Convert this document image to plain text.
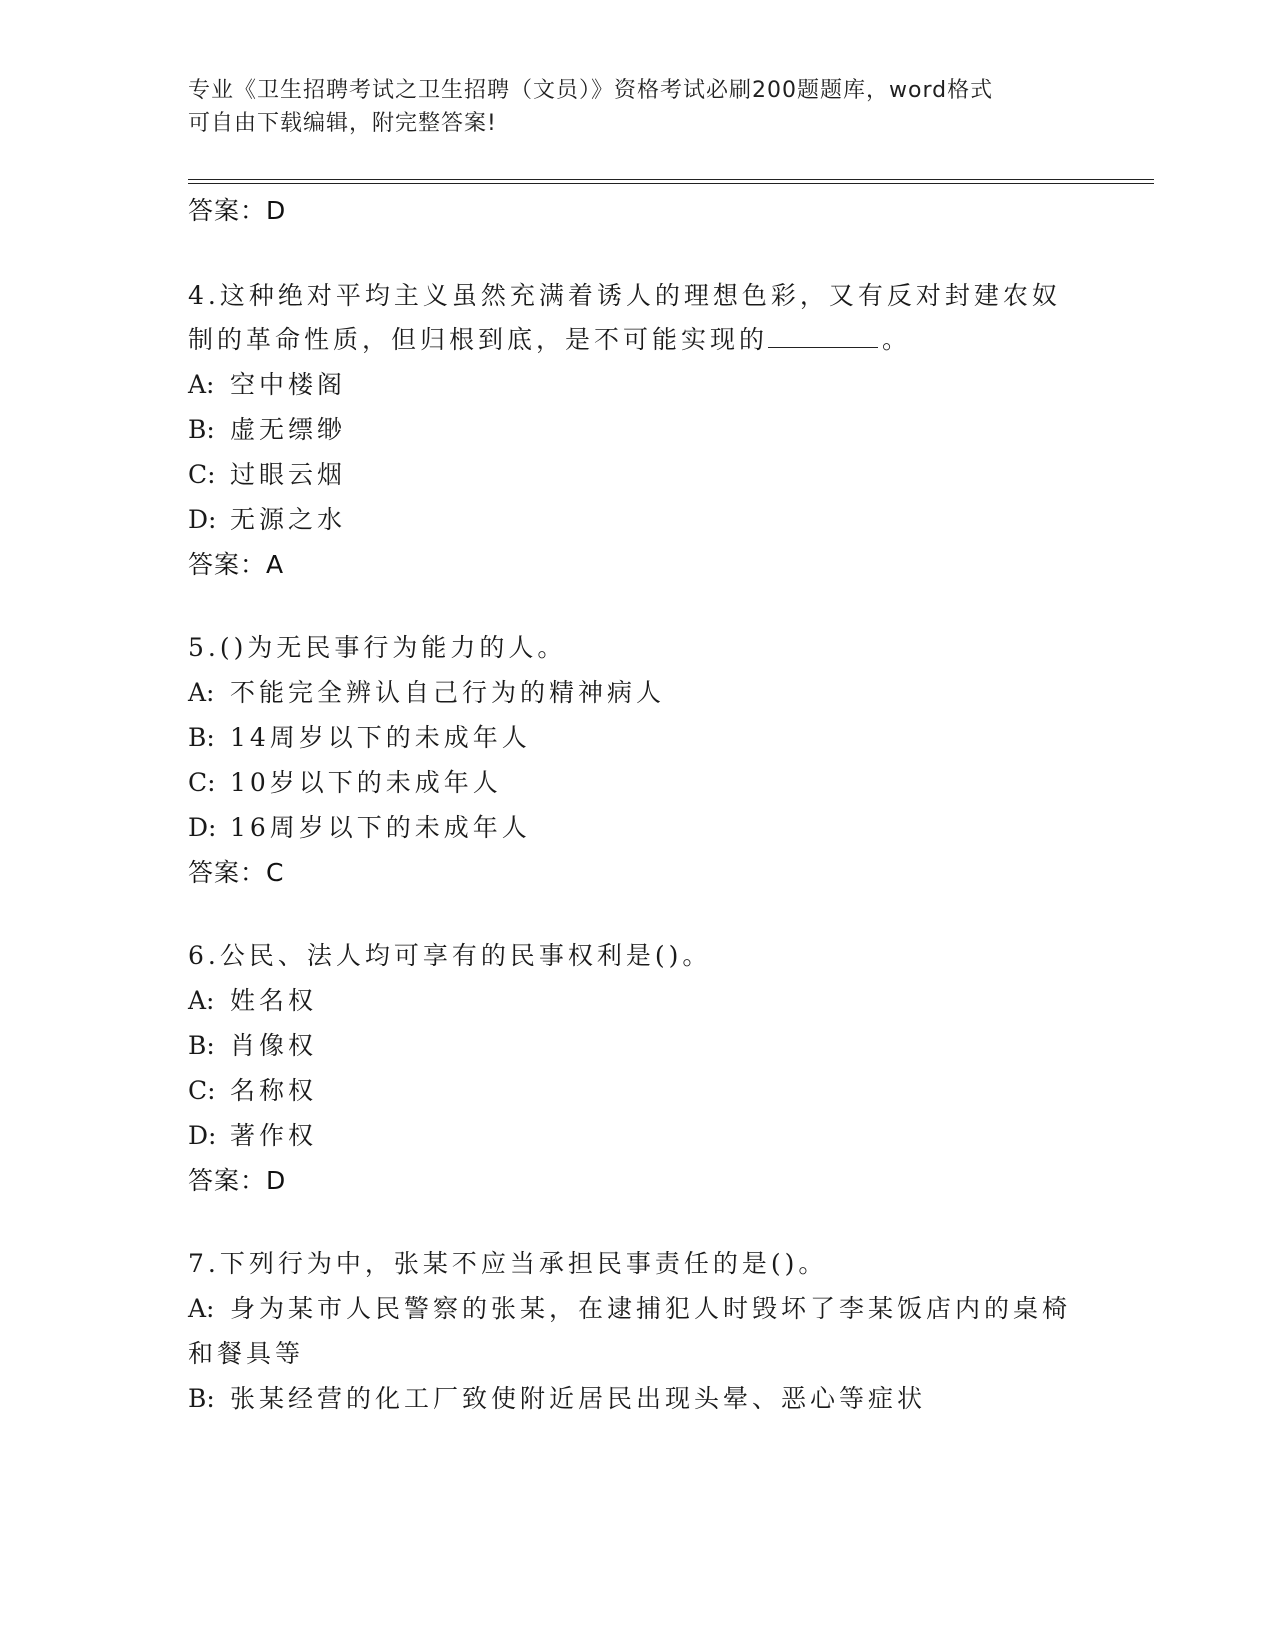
专业《卫生招聘考试之卫生招聘（文员）》资格考试必刷200题题库，word格式
可自由下载编辑，附完整答案!
答案：D
4.这种绝对平均主义虽然充满着诱人的理想色彩，又有反对封建农奴
制的革命性质，但归根到底，是不可能实现的	。
A: 空中楼阁
B: 虚无缥缈
C: 过眼云烟
D: 无源之水
答案：A
5.()为无民事行为能力的人。
A: 不能完全辨认自己行为的精神病人
B: 14周岁以下的未成年人
C: 10岁以下的未成年人
D: 16周岁以下的未成年人
答案：C
6.公民、法人均可享有的民事权利是()。
A: 姓名权
B: 肖像权
C: 名称权
D: 著作权
答案：D
7.下列行为中，张某不应当承担民事责任的是()。
A: 身为某市人民警察的张某，在逮捕犯人时毁坏了李某饭店内的桌椅
和餐具等
B: 张某经营的化工厂致使附近居民出现头晕、恶心等症状
